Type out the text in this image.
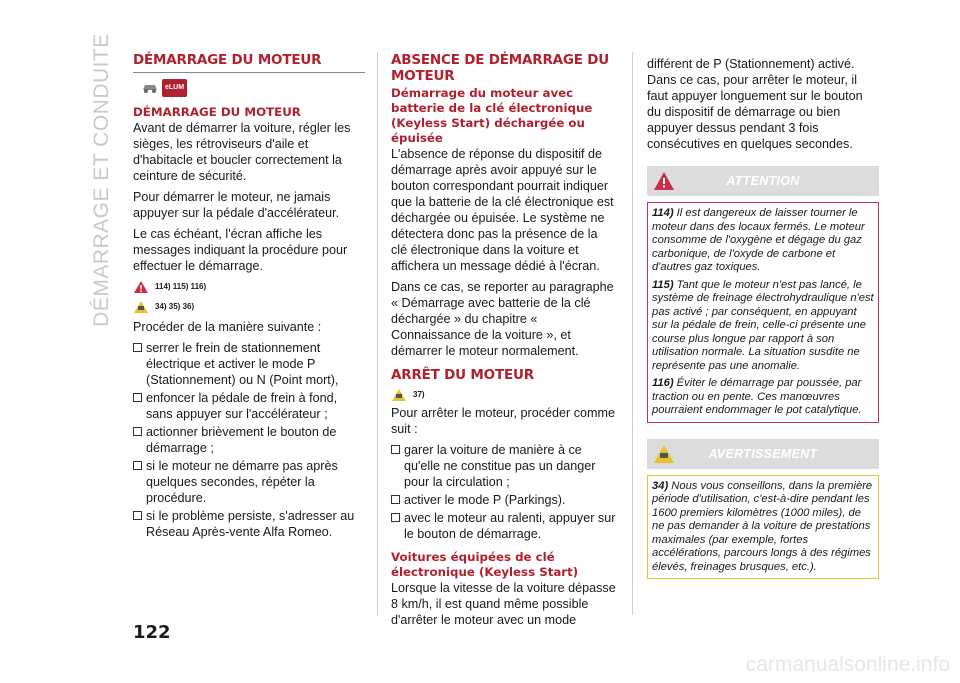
DÉMARRAGE ET CONDUITE DÉMARRAGE DU MOTEUR
eLUM
DÉMARRAGE DU MOTEUR

Avant de démarrer la voiture, régler les sièges, les rétroviseurs d'aile et d'habitacle et boucler correctement la ceinture de sécurité.

Pour démarrer le moteur, ne jamais appuyer sur la pédale d'accélérateur.

Le cas échéant, l'écran affiche les messages indiquant la procédure pour effectuer le démarrage.

114) 115) 116)
34) 35) 36)

Procéder de la manière suivante :

serrer le frein de stationnement électrique et activer le mode P (Stationnement) ou N (Point mort),
enfoncer la pédale de frein à fond, sans appuyer sur l'accélérateur ;
actionner brièvement le bouton de démarrage ;
si le moteur ne démarre pas après quelques secondes, répéter la procédure.
si le problème persiste, s'adresser au Réseau Après-vente Alfa Romeo.
ABSENCE DE DÉMARRAGE DU MOTEUR
Démarrage du moteur avec batterie de la clé électronique (Keyless Start) déchargée ou épuisée

L'absence de réponse du dispositif de démarrage après avoir appuyé sur le bouton correspondant pourrait indiquer que la batterie de la clé électronique est déchargée ou épuisée. Le système ne détectera donc pas la présence de la clé électronique dans la voiture et affichera un message dédié à l'écran.

Dans ce cas, se reporter au paragraphe « Démarrage avec batterie de la clé déchargée » du chapitre « Connaissance de la voiture », et démarrer le moteur normalement.

ARRÊT DU MOTEUR
37)

Pour arrêter le moteur, procéder comme suit :

garer la voiture de manière à ce qu'elle ne constitue pas un danger pour la circulation ;
activer le mode P (Parkings).
avec le moteur au ralenti, appuyer sur le bouton de démarrage.
Voitures équipées de clé électronique (Keyless Start)

Lorsque la vitesse de la voiture dépasse 8 km/h, il est quand même possible d'arrêter le moteur avec un mode

différent de P (Stationnement) activé. Dans ce cas, pour arrêter le moteur, il faut appuyer longuement sur le bouton du dispositif de démarrage ou bien appuyer dessus pendant 3 fois consécutives en quelques secondes.

ATTENTION

114) Il est dangereux de laisser tourner le moteur dans des locaux fermés. Le moteur consomme de l'oxygène et dégage du gaz carbonique, de l'oxyde de carbone et d'autres gaz toxiques.

115) Tant que le moteur n'est pas lancé, le système de freinage électrohydraulique n'est pas activé ; par conséquent, en appuyant sur la pédale de frein, celle-ci présente une course plus longue par rapport à son utilisation normale. La situation susdite ne représente pas une anomalie.

116) Éviter le démarrage par poussée, par traction ou en pente. Ces manœuvres pourraient endommager le pot catalytique.

AVERTISSEMENT

34) Nous vous conseillons, dans la première période d'utilisation, c'est-à-dire pendant les 1600 premiers kilomètres (1000 miles), de ne pas demander à la voiture de prestations maximales (par exemple, fortes accélérations, parcours longs à des régimes élevés, freinages brusques, etc.).

122
carmanualsonline.info
